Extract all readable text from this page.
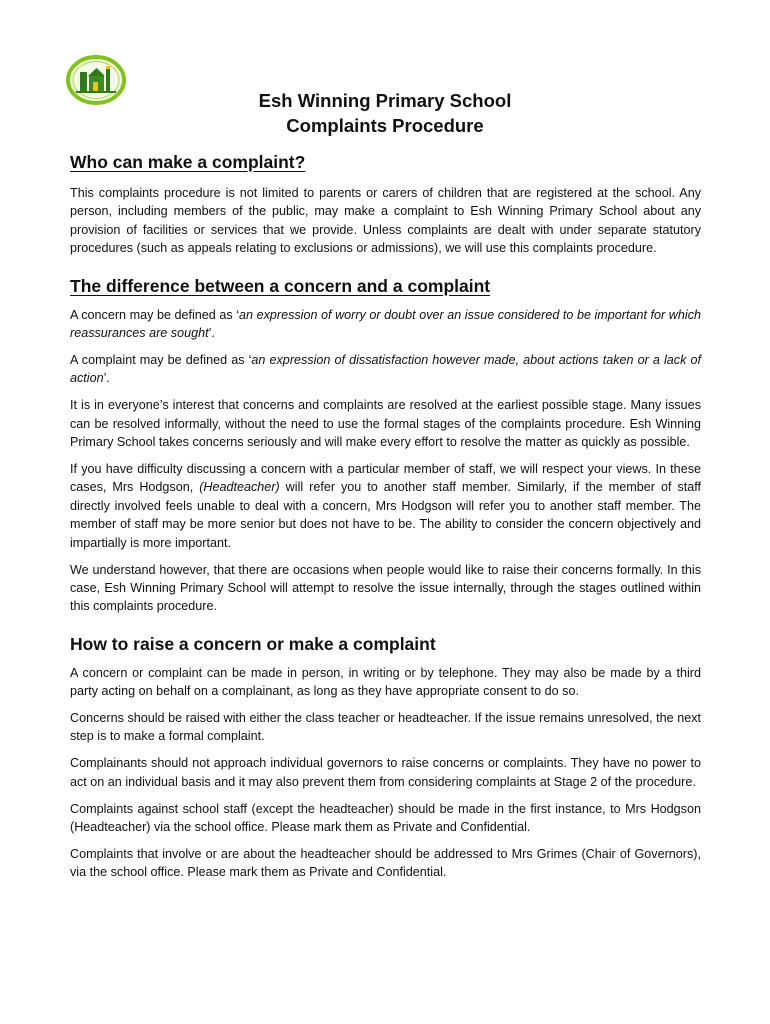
Esh Winning Primary School
Complaints Procedure
Who can make a complaint?

This complaints procedure is not limited to parents or carers of children that are registered at the school. Any person, including members of the public, may make a complaint to Esh Winning Primary School about any provision of facilities or services that we provide. Unless complaints are dealt with under separate statutory procedures (such as appeals relating to exclusions or admissions), we will use this complaints procedure.

The difference between a concern and a complaint

A concern may be defined as ‘an expression of worry or doubt over an issue considered to be important for which reassurances are sought’.

A complaint may be defined as ‘an expression of dissatisfaction however made, about actions taken or a lack of action’.

It is in everyone’s interest that concerns and complaints are resolved at the earliest possible stage. Many issues can be resolved informally, without the need to use the formal stages of the complaints procedure. Esh Winning Primary School takes concerns seriously and will make every effort to resolve the matter as quickly as possible.

If you have difficulty discussing a concern with a particular member of staff, we will respect your views. In these cases, Mrs Hodgson, (Headteacher) will refer you to another staff member. Similarly, if the member of staff directly involved feels unable to deal with a concern, Mrs Hodgson will refer you to another staff member. The member of staff may be more senior but does not have to be. The ability to consider the concern objectively and impartially is more important.

We understand however, that there are occasions when people would like to raise their concerns formally. In this case, Esh Winning Primary School will attempt to resolve the issue internally, through the stages outlined within this complaints procedure.

How to raise a concern or make a complaint

A concern or complaint can be made in person, in writing or by telephone. They may also be made by a third party acting on behalf on a complainant, as long as they have appropriate consent to do so.

Concerns should be raised with either the class teacher or headteacher. If the issue remains unresolved, the next step is to make a formal complaint.

Complainants should not approach individual governors to raise concerns or complaints. They have no power to act on an individual basis and it may also prevent them from considering complaints at Stage 2 of the procedure.

Complaints against school staff (except the headteacher) should be made in the first instance, to Mrs Hodgson (Headteacher) via the school office. Please mark them as Private and Confidential.

Complaints that involve or are about the headteacher should be addressed to Mrs Grimes (Chair of Governors), via the school office. Please mark them as Private and Confidential.
